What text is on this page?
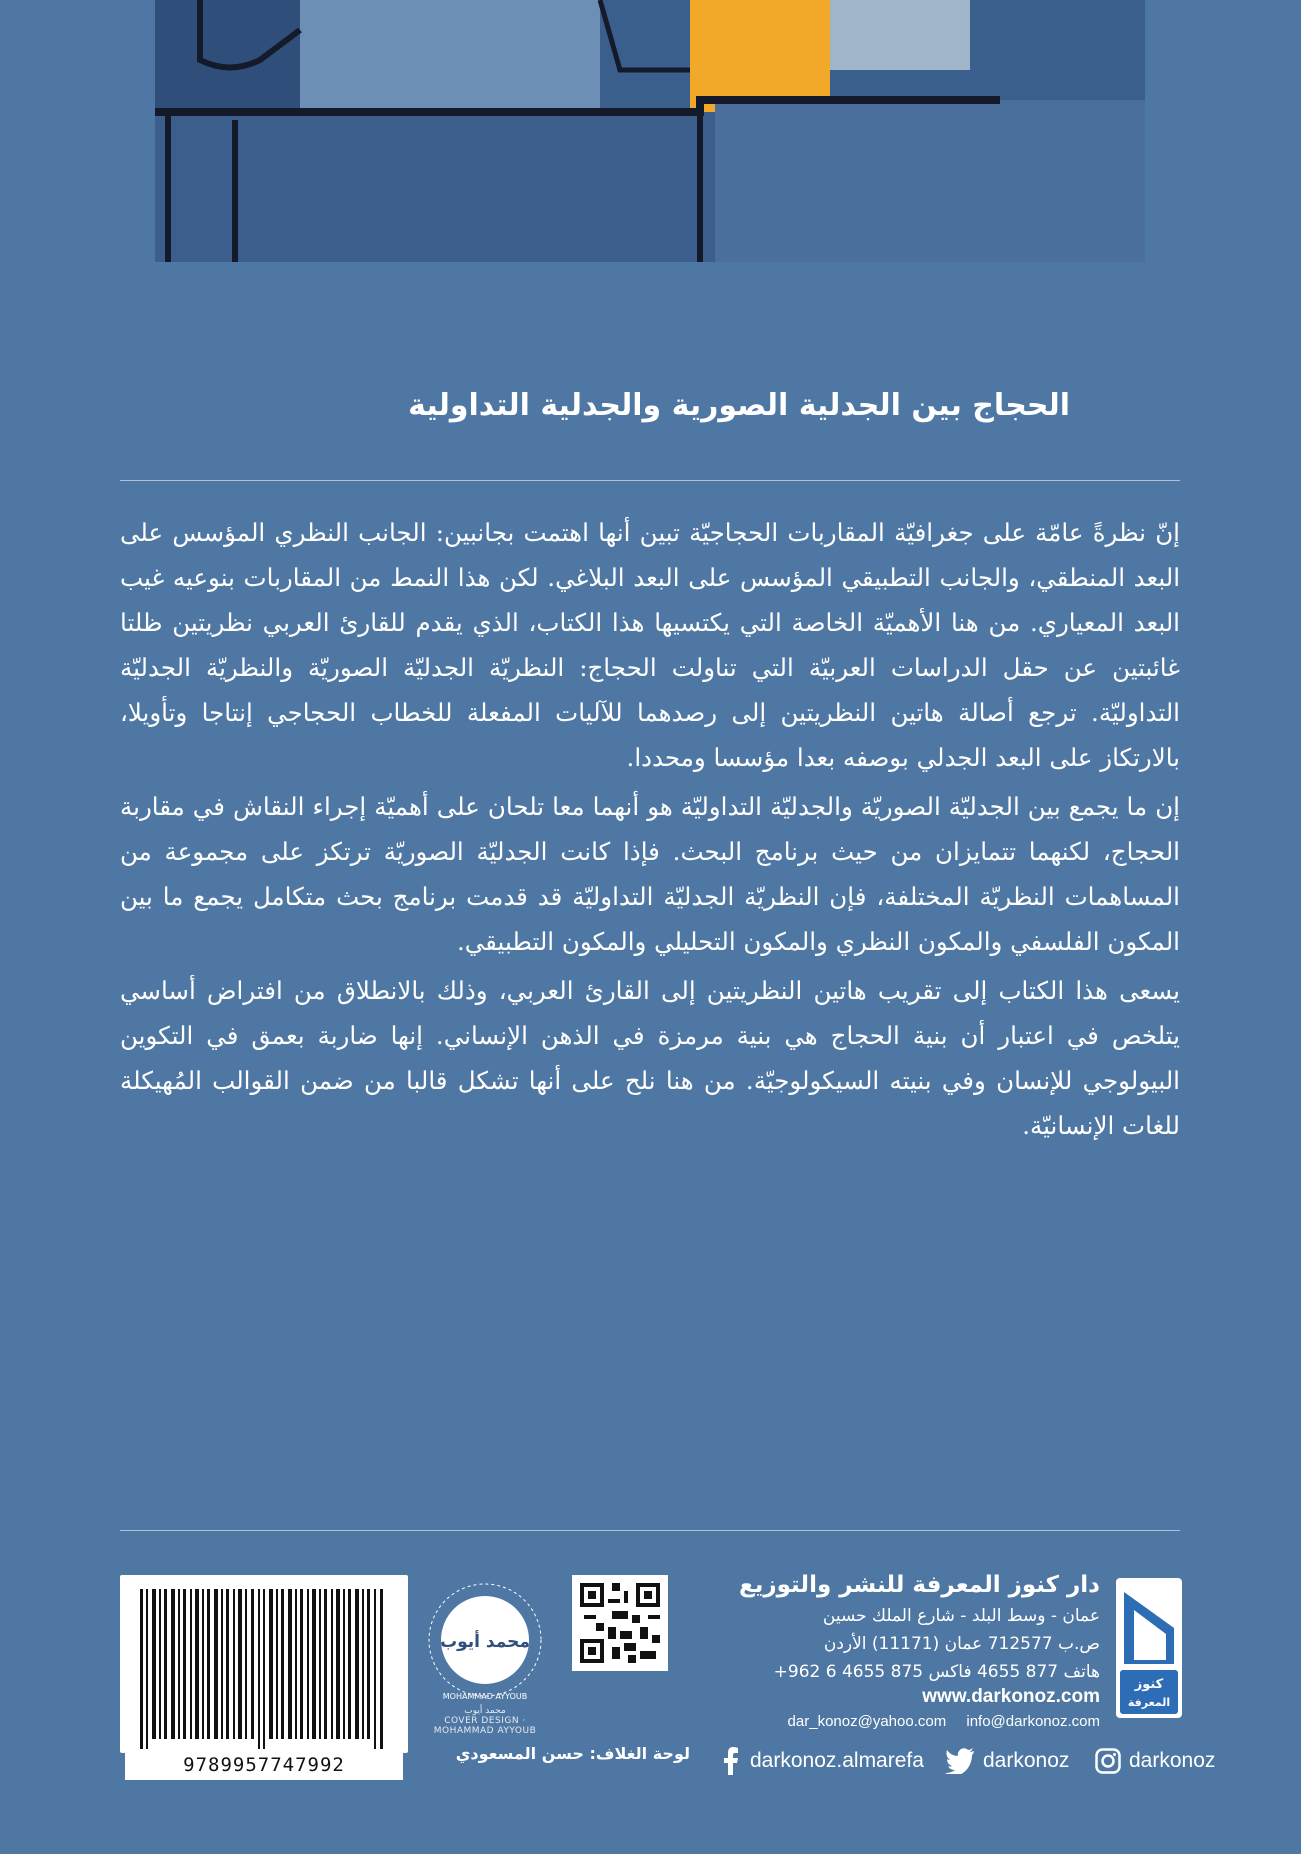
الحجاج بين الجدلية الصورية والجدلية التداولية

إنّ نظرةً عامّة على جغرافيّة المقاربات الحجاجيّة تبين أنها اهتمت بجانبين: الجانب النظري المؤسس على البعد المنطقي، والجانب التطبيقي المؤسس على البعد البلاغي. لكن هذا النمط من المقاربات بنوعيه غيب البعد المعياري. من هنا الأهميّة الخاصة التي يكتسيها هذا الكتاب، الذي يقدم للقارئ العربي نظريتين ظلتا غائبتين عن حقل الدراسات العربيّة التي تناولت الحجاج: النظريّة الجدليّة الصوريّة والنظريّة الجدليّة التداوليّة. ترجع أصالة هاتين النظريتين إلى رصدهما للآليات المفعلة للخطاب الحجاجي إنتاجا وتأويلا، بالارتكاز على البعد الجدلي بوصفه بعدا مؤسسا ومحددا.

إن ما يجمع بين الجدليّة الصوريّة والجدليّة التداوليّة هو أنهما معا تلحان على أهميّة إجراء النقاش في مقاربة الحجاج، لكنهما تتمايزان من حيث برنامج البحث. فإذا كانت الجدليّة الصوريّة ترتكز على مجموعة من المساهمات النظريّة المختلفة، فإن النظريّة الجدليّة التداوليّة قد قدمت برنامج بحث متكامل يجمع ما بين المكون الفلسفي والمكون النظري والمكون التحليلي والمكون التطبيقي.

يسعى هذا الكتاب إلى تقريب هاتين النظريتين إلى القارئ العربي، وذلك بالانطلاق من افتراض أساسي يتلخص في اعتبار أن بنية الحجاج هي بنية مرمزة في الذهن الإنساني. إنها ضاربة بعمق في التكوين البيولوجي للإنسان وفي بنيته السيكولوجيّة. من هنا نلح على أنها تشكل قالبا من ضمن القوالب المُهيكلة للغات الإنسانيّة.

9789957747992
محمد أيوب
MOHAMMAD AYYOUB
لوحة الغلاف: حسن المسعودي
دار كنوز المعرفة للنشر والتوزيع
عمان - وسط البلد - شارع الملك حسين
ص.ب 712577 عمان (11171) الأردن
هاتف 877 4655 فاكس 875 4655 6 962+
www.darkonoz.com
dar_konoz@yahoo.com info@darkonoz.com
كنوز
المعرفة
darkonoz.almarefa	darkonoz	darkonoz
محمد أيوب
COVER DESIGN · MOHAMMAD AYYOUB
